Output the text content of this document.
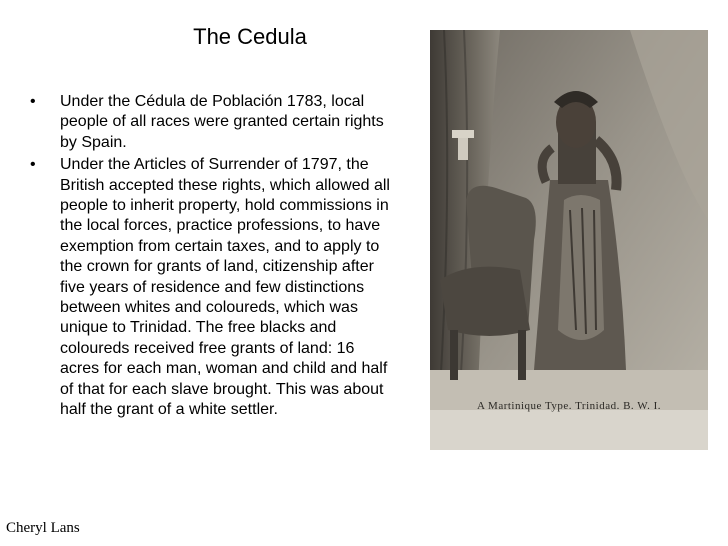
The Cedula
• Under the Cédula de Población 1783, local people of all races were granted certain rights by Spain.
• Under the Articles of Surrender of 1797, the British accepted these rights, which allowed all people to inherit property, hold commissions in the local forces, practice professions, to have exemption from certain taxes, and to apply to the crown for grants of land, citizenship after five years of residence and few distinctions between whites and coloureds, which was unique to Trinidad. The free blacks and coloureds received free grants of land: 16 acres for each man, woman and child and half of that for each slave brought. This was about half the grant of a white settler.	A Martinique Type. Trinidad. B. W. I.
Cheryl Lans
